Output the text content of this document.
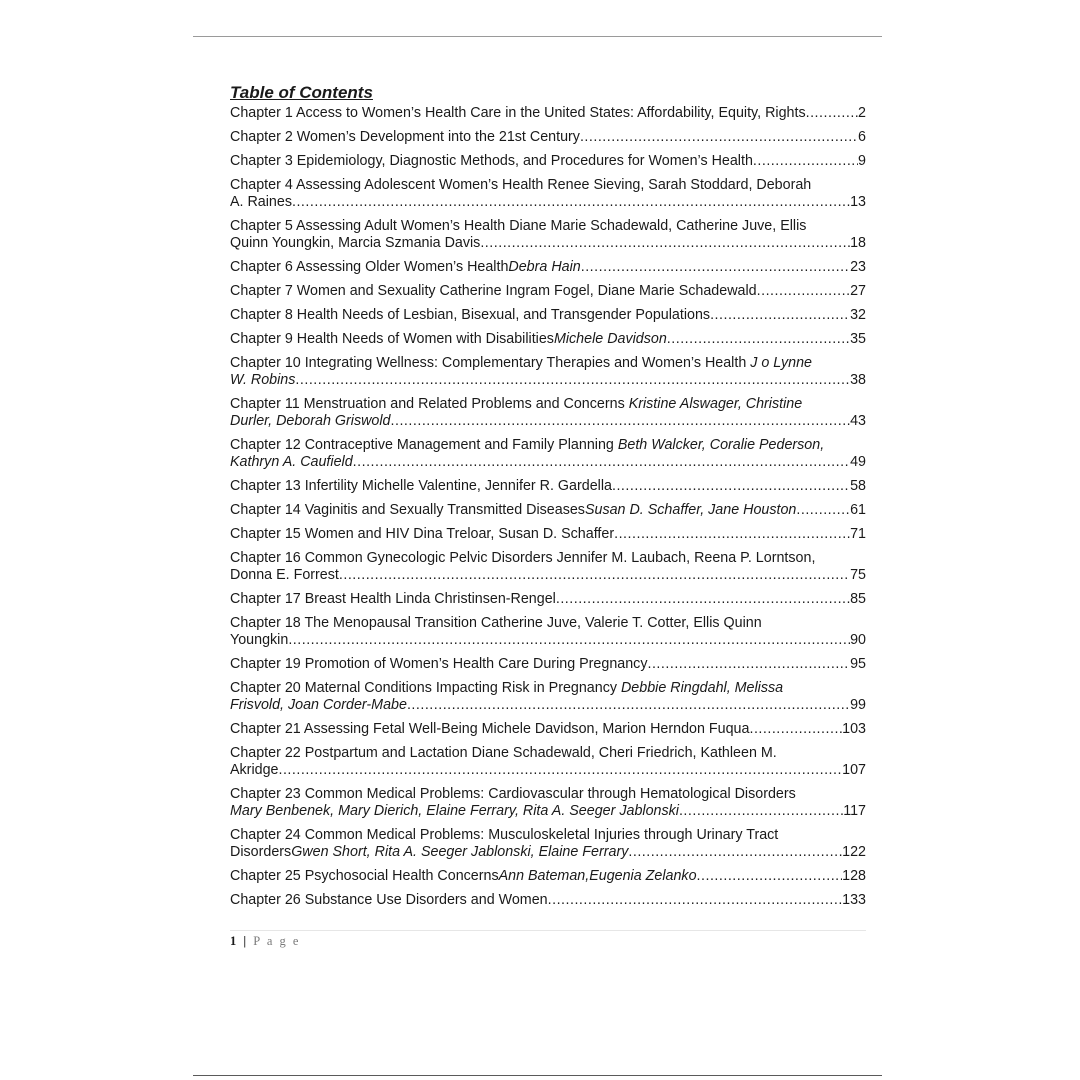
Table of Contents
Chapter 1 Access to Women’s Health Care in the United States: Affordability, Equity, Rights .....	2
Chapter 2 Women’s Development into the 21st Century .....	6
Chapter 3 Epidemiology, Diagnostic Methods, and Procedures for Women’s Health .....	9
Chapter 4 Assessing Adolescent Women’s Health Renee Sieving, Sarah Stoddard, Deborah
A. Raines .....	13
Chapter 5 Assessing Adult Women’s Health Diane Marie Schadewald, Catherine Juve, Ellis
Quinn Youngkin, Marcia Szmania Davis .....	18
Chapter 6 Assessing Older Women’s Health Debra Hain .....	23
Chapter 7 Women and Sexuality Catherine Ingram Fogel, Diane Marie Schadewald .....	27
Chapter 8 Health Needs of Lesbian, Bisexual, and Transgender Populations .....	32
Chapter 9 Health Needs of Women with Disabilities Michele Davidson .....	35
Chapter 10 Integrating Wellness: Complementary Therapies and Women’s Health J o Lynne
W. Robins .....	38
Chapter 11 Menstruation and Related Problems and Concerns Kristine Alswager, Christine
Durler, Deborah Griswold .....	43
Chapter 12 Contraceptive Management and Family Planning Beth Walcker, Coralie Pederson,
Kathryn A. Caufield .....	49
Chapter 13 Infertility Michelle Valentine, Jennifer R. Gardella .....	58
Chapter 14 Vaginitis and Sexually Transmitted Diseases Susan D. Schaffer, Jane Houston .....	61
Chapter 15 Women and HIV Dina Treloar, Susan D. Schaffer .....	71
Chapter 16 Common Gynecologic Pelvic Disorders Jennifer M. Laubach, Reena P. Lorntson,
Donna E. Forrest .....	75
Chapter 17 Breast Health Linda Christinsen-Rengel .....	85
Chapter 18 The Menopausal Transition Catherine Juve, Valerie T. Cotter, Ellis Quinn
Youngkin .....	90
Chapter 19 Promotion of Women’s Health Care During Pregnancy .....	95
Chapter 20 Maternal Conditions Impacting Risk in Pregnancy Debbie Ringdahl, Melissa
Frisvold, Joan Corder-Mabe .....	99
Chapter 21 Assessing Fetal Well-Being Michele Davidson, Marion Herndon Fuqua .....	103
Chapter 22 Postpartum and Lactation Diane Schadewald, Cheri Friedrich, Kathleen M.
Akridge .....	107
Chapter 23 Common Medical Problems: Cardiovascular through Hematological Disorders
Mary Benbenek, Mary Dierich, Elaine Ferrary, Rita A. Seeger Jablonski .....	117
Chapter 24 Common Medical Problems: Musculoskeletal Injuries through Urinary Tract
Disorders Gwen Short, Rita A. Seeger Jablonski, Elaine Ferrary .....	122
Chapter 25 Psychosocial Health Concerns Ann Bateman,Eugenia Zelanko .....	128
Chapter 26 Substance Use Disorders and Women .....	133
1 | P a g e
